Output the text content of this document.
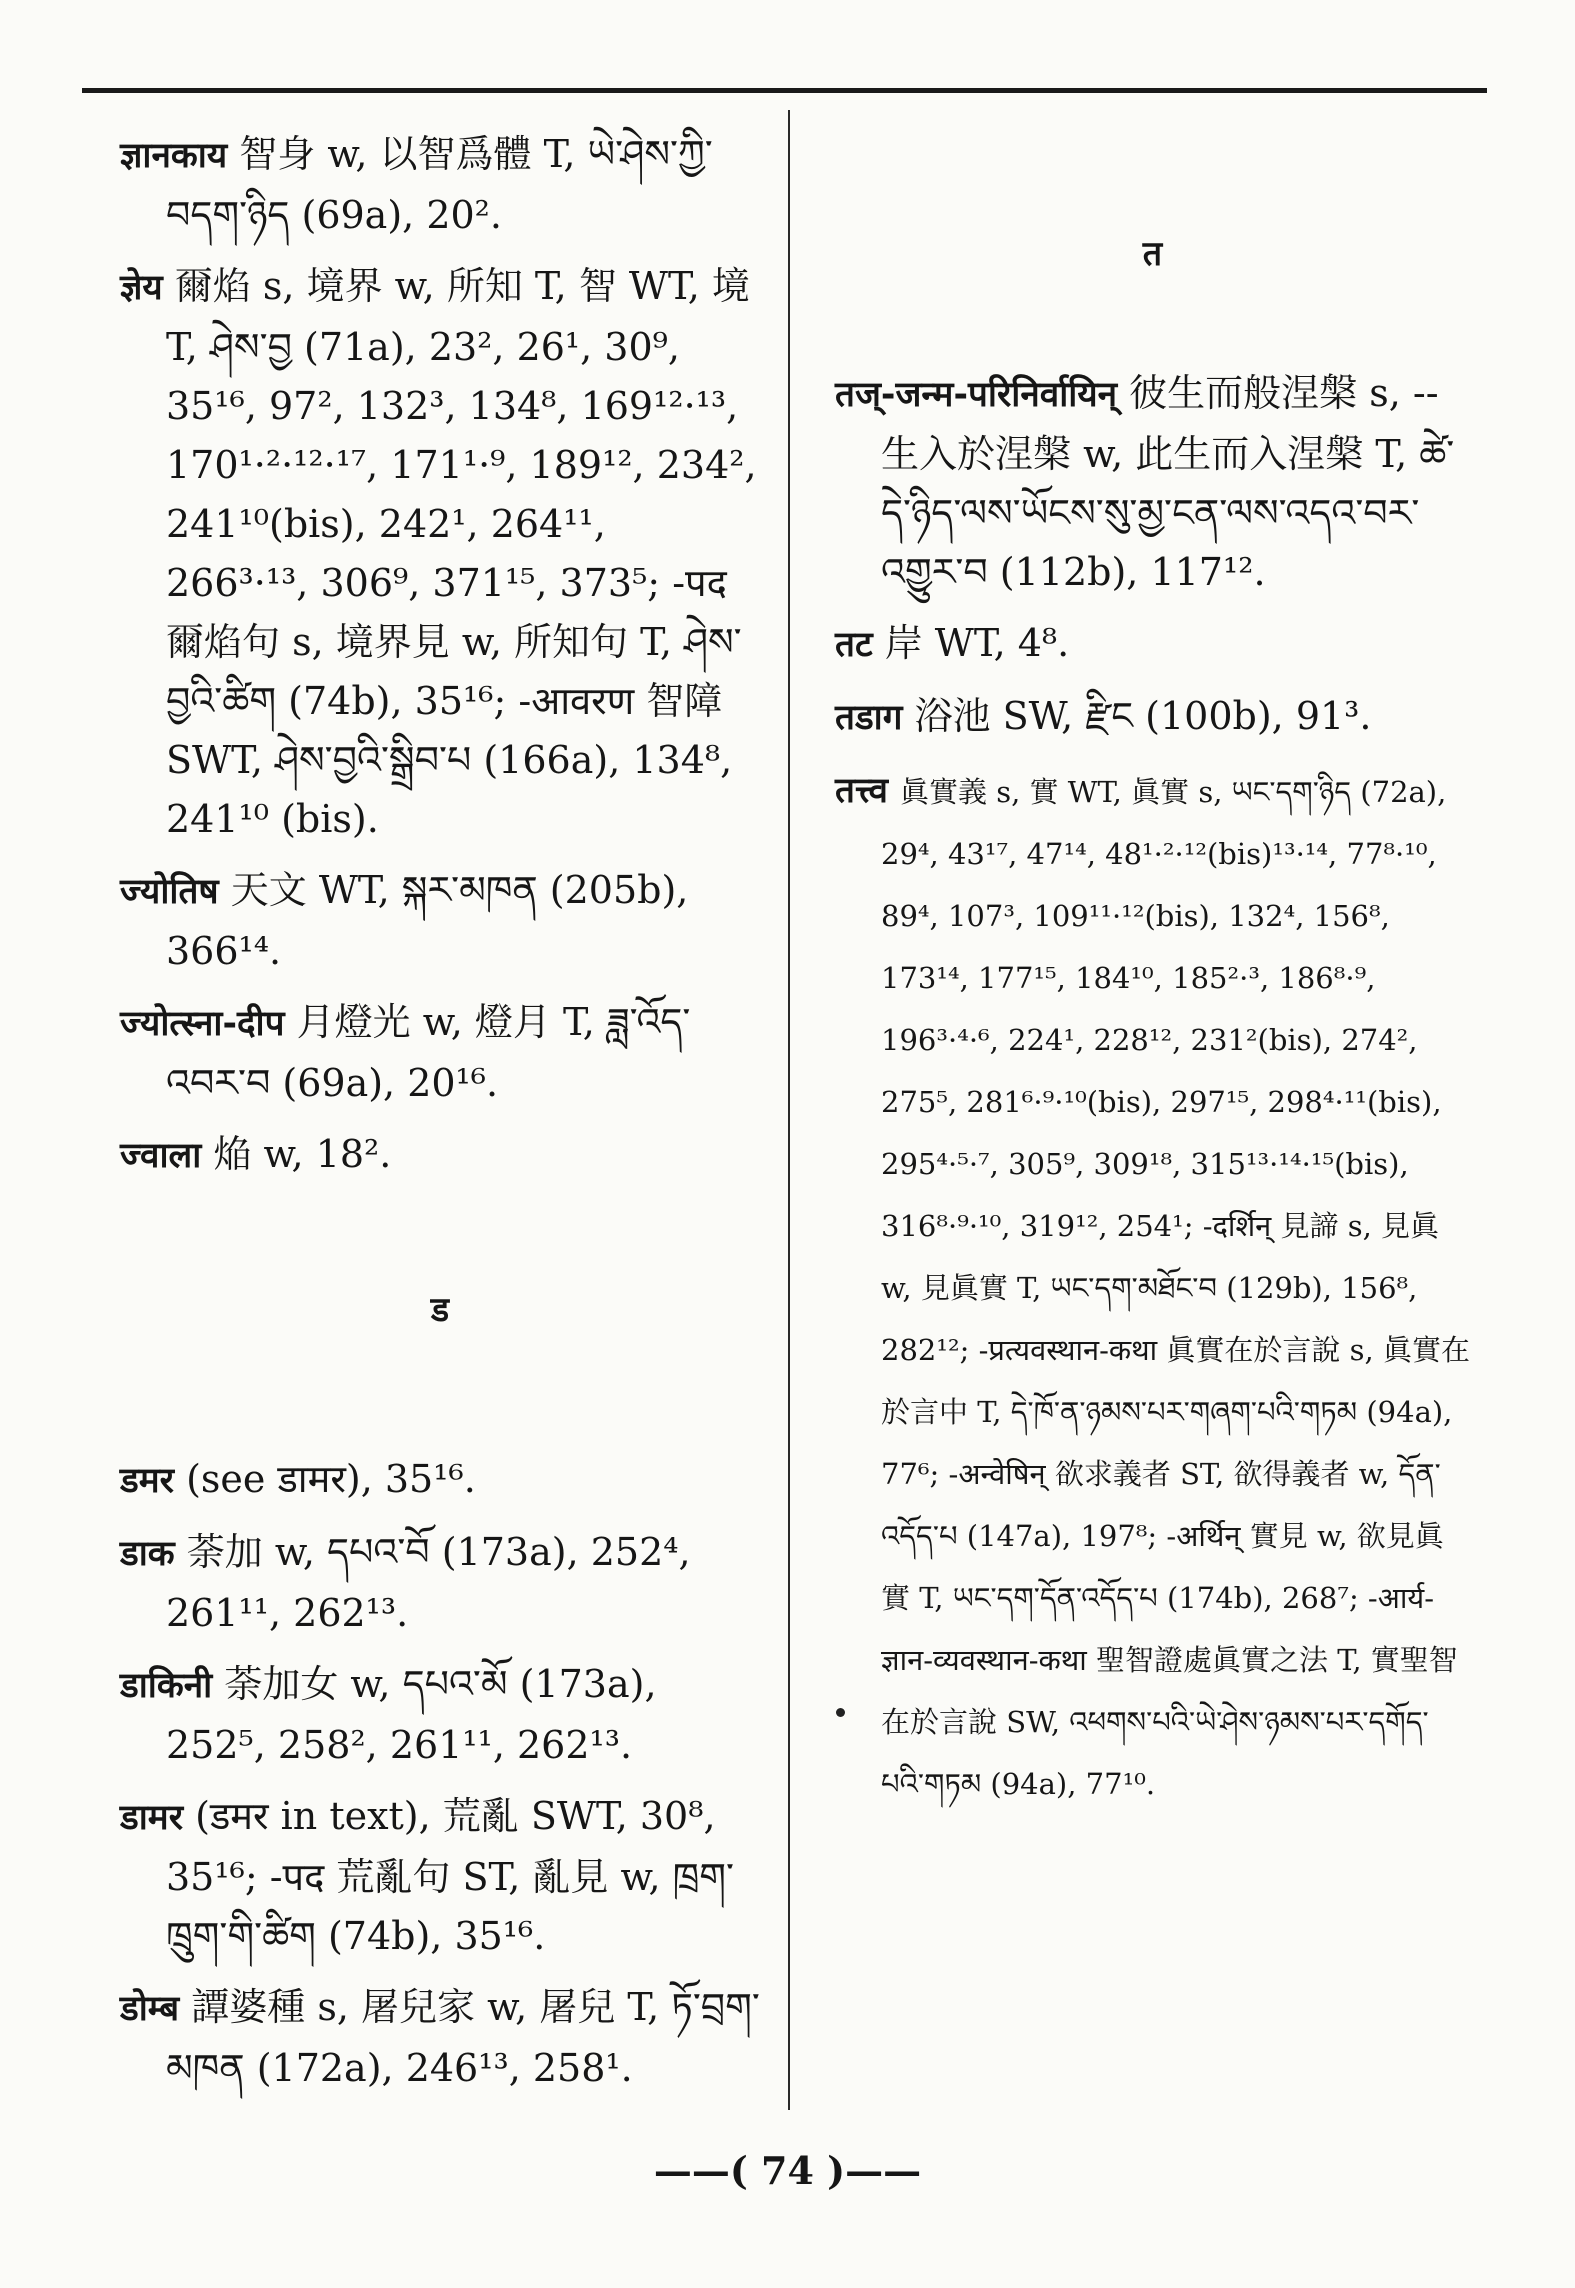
ज्ञानकाय 智身 w, 以智爲體 T, ཡེ་ཤེས་ཀྱི་བདག་ཉིད (69a), 20².

ज्ञेय 爾焰 s, 境界 w, 所知 T, 智 WT, 境 T, ཤེས་བྱ (71a), 23², 26¹, 30⁹, 35¹⁶, 97², 132³, 134⁸, 169¹²·¹³, 170¹·²·¹²·¹⁷, 171¹·⁹, 189¹², 234², 241¹⁰(bis), 242¹, 264¹¹, 266³·¹³, 306⁹, 371¹⁵, 373⁵; -पद 爾焰句 s, 境界見 w, 所知句 T, ཤེས་བྱའི་ཚིག (74b), 35¹⁶; -आवरण 智障 SWT, ཤེས་བྱའི་སྒྲིབ་པ (166a), 134⁸, 241¹⁰ (bis).

ज्योतिष 天文 WT, སྐར་མཁན (205b), 366¹⁴.

ज्योत्स्ना-दीप 月燈光 w, 燈月 T, ཟླ་འོད་འབར་བ (69a), 20¹⁶.

ज्वाला 焔 w, 18².

ड

डमर (see डामर), 35¹⁶.

डाक 荼加 w, དཔའ་བོ (173a), 252⁴, 261¹¹, 262¹³.

डाकिनी 荼加女 w, དཔའ་མོ (173a), 252⁵, 258², 261¹¹, 262¹³.

डामर (डमर in text), 荒亂 SWT, 30⁸, 35¹⁶; -पद 荒亂句 ST, 亂見 w, ཁྲག་ཁྲུག་གི་ཚིག (74b), 35¹⁶.

डोम्ब 譚婆種 s, 屠兒家 w, 屠兒 T, ཏོ་བྲག་མཁན (172a), 246¹³, 258¹.

त

तज्-जन्म-परिनिर्वायिन् 彼生而般涅槃 s, --生入於涅槃 w, 此生而入涅槃 T, ཚེ་དེ་ཉིད་ལས་ཡོངས་སུ་མྱ་ངན་ལས་འདའ་བར་འགྱུར་བ (112b), 117¹².

तट 岸 WT, 4⁸.

तडाग 浴池 SW, རྫིང (100b), 91³.

तत्त्व 眞實義 s, 實 WT, 眞實 s, ཡང་དག་ཉིད (72a), 29⁴, 43¹⁷, 47¹⁴, 48¹·²·¹²(bis)¹³·¹⁴, 77⁸·¹⁰, 89⁴, 107³, 109¹¹·¹²(bis), 132⁴, 156⁸, 173¹⁴, 177¹⁵, 184¹⁰, 185²·³, 186⁸·⁹, 196³·⁴·⁶, 224¹, 228¹², 231²(bis), 274², 275⁵, 281⁶·⁹·¹⁰(bis), 297¹⁵, 298⁴·¹¹(bis), 295⁴·⁵·⁷, 305⁹, 309¹⁸, 315¹³·¹⁴·¹⁵(bis), 316⁸·⁹·¹⁰, 319¹², 254¹; -दर्शिन् 見諦 s, 見眞 w, 見眞實 T, ཡང་དག་མཐོང་བ (129b), 156⁸, 282¹²; -प्रत्यवस्थान-कथा 眞實在於言說 s, 眞實在於言中 T, དེ་ཁོ་ན་ཉམས་པར་གཞག་པའི་གཏམ (94a), 77⁶; -अन्वेषिन् 欲求義者 ST, 欲得義者 w, དོན་འདོད་པ (147a), 197⁸; -अर्थिन् 實見 w, 欲見眞實 T, ཡང་དག་དོན་འདོད་པ (174b), 268⁷; -आर्य-ज्ञान-व्यवस्थान-कथा 聖智證處眞實之法 T, 實聖智在於言說 SW, འཕགས་པའི་ཡེ་ཤེས་ཉམས་པར་དགོད་པའི་གཏམ (94a), 77¹⁰.

——( 74 )——
